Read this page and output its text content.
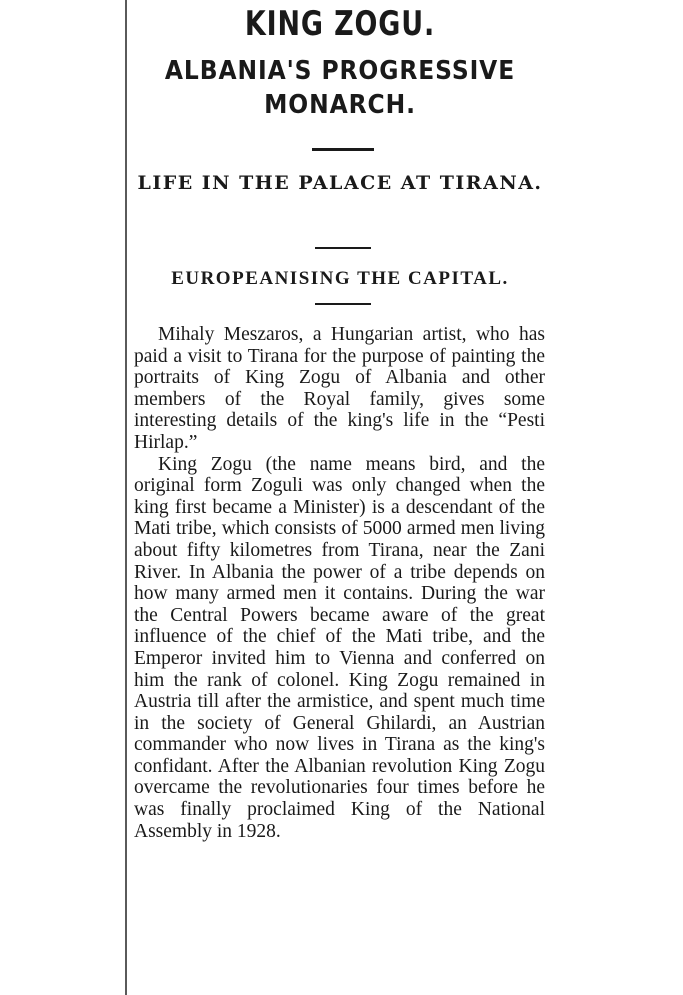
KING ZOGU.
ALBANIA'S PROGRESSIVE MONARCH.
LIFE IN THE PALACE AT TIRANA.
EUROPEANISING THE CAPITAL.

Mihaly Meszaros, a Hungarian artist, who has paid a visit to Tirana for the purpose of painting the portraits of King Zogu of Albania and other members of the Royal family, gives some interesting details of the king's life in the “Pesti Hirlap.”

King Zogu (the name means bird, and the original form Zoguli was only changed when the king first became a Minister) is a descendant of the Mati tribe, which consists of 5000 armed men living about fifty kilometres from Tirana, near the Zani River. In Albania the power of a tribe depends on how many armed men it contains. During the war the Central Powers became aware of the great influence of the chief of the Mati tribe, and the Emperor invited him to Vienna and conferred on him the rank of colonel. King Zogu remained in Austria till after the armistice, and spent much time in the society of General Ghilardi, an Austrian commander who now lives in Tirana as the king's confidant. After the Albanian revolution King Zogu overcame the revolutionaries four times before he was finally proclaimed King of the National Assembly in 1928.
